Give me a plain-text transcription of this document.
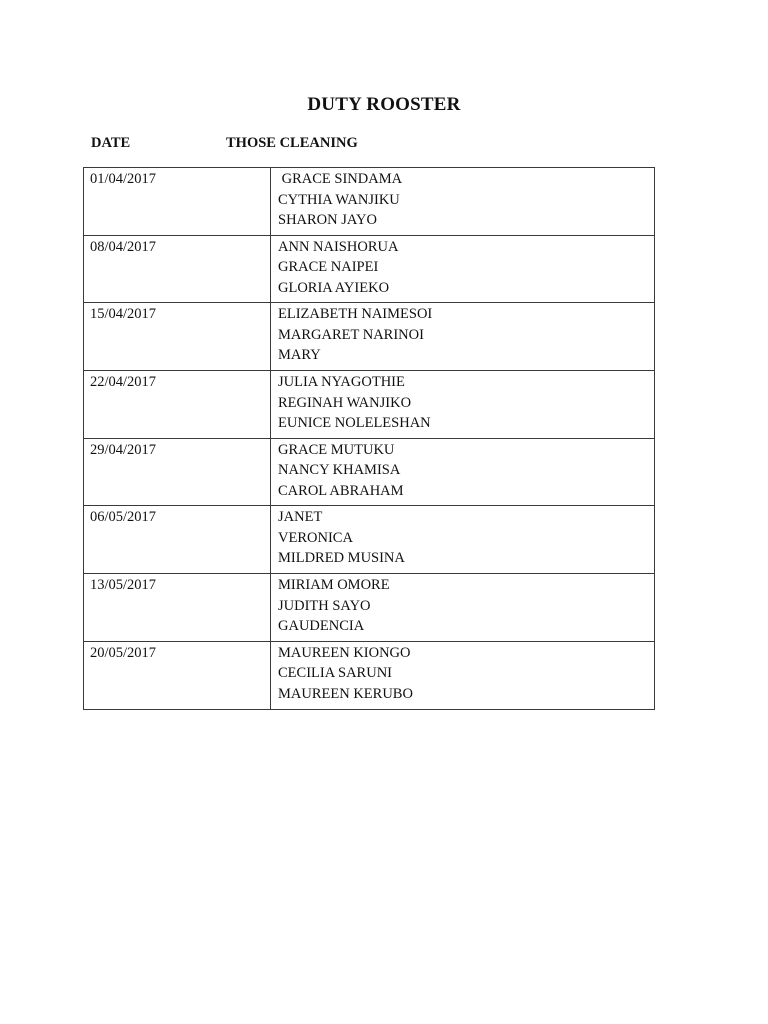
DUTY ROOSTER
DATE	THOSE CLEANING
01/04/2017	GRACE SINDAMA
CYTHIA WANJIKU
SHARON JAYO

08/04/2017	ANN NAISHORUA
GRACE NAIPEI
GLORIA AYIEKO

15/04/2017	ELIZABETH NAIMESOI
MARGARET NARINOI
MARY

22/04/2017	JULIA NYAGOTHIE
REGINAH WANJIKO
EUNICE NOLELESHAN

29/04/2017	GRACE MUTUKU
NANCY KHAMISA
CAROL ABRAHAM

06/05/2017	JANET
VERONICA
MILDRED MUSINA

13/05/2017	MIRIAM OMORE
JUDITH SAYO
GAUDENCIA

20/05/2017	MAUREEN KIONGO
CECILIA SARUNI
MAUREEN KERUBO
